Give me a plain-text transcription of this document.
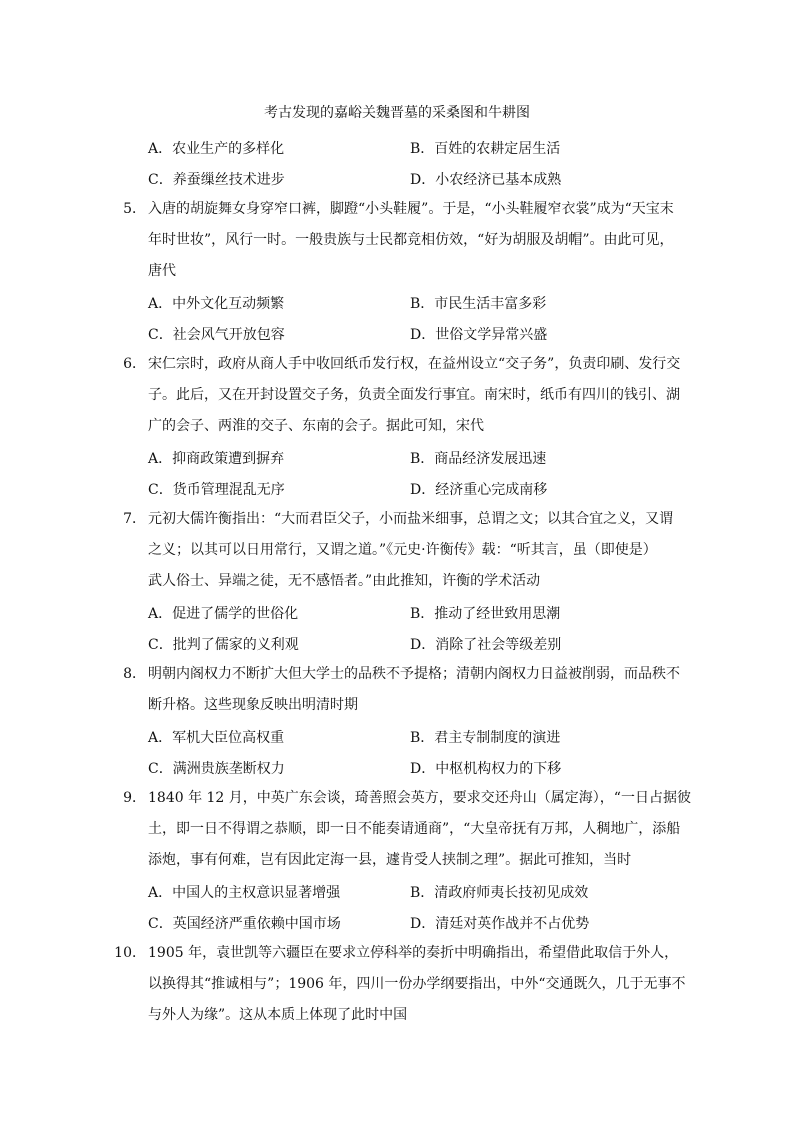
考古发现的嘉峪关魏晋墓的采桑图和牛耕图
A．农业生产的多样化	B．百姓的农耕定居生活
C．养蚕缫丝技术进步	D．小农经济已基本成熟
5． 入唐的胡旋舞女身穿窄口裤，脚蹬“小头鞋履”。于是，“小头鞋履窄衣裳”成为“天宝末
年时世妆”，风行一时。一般贵族与士民都竞相仿效，“好为胡服及胡帽”。由此可见，
唐代
A．中外文化互动频繁	B．市民生活丰富多彩
C．社会风气开放包容	D．世俗文学异常兴盛
6． 宋仁宗时，政府从商人手中收回纸币发行权，在益州设立“交子务”，负责印刷、发行交
子。此后，又在开封设置交子务，负责全面发行事宜。南宋时，纸币有四川的钱引、湖
广的会子、两淮的交子、东南的会子。据此可知，宋代
A．抑商政策遭到摒弃	B．商品经济发展迅速
C．货币管理混乱无序	D．经济重心完成南移
7． 元初大儒许衡指出：“大而君臣父子，小而盐米细事，总谓之文；以其合宜之义，又谓
之义；以其可以日用常行，又谓之道。”《元史·许衡传》载：“听其言，虽（即使是）
武人俗士、异端之徒，无不感悟者。”由此推知，许衡的学术活动
A．促进了儒学的世俗化	B．推动了经世致用思潮
C．批判了儒家的义利观	D．消除了社会等级差别
8． 明朝内阁权力不断扩大但大学士的品秩不予提格；清朝内阁权力日益被削弱，而品秩不
断升格。这些现象反映出明清时期
A．军机大臣位高权重	B．君主专制制度的演进
C．满洲贵族垄断权力	D．中枢机构权力的下移
9． 1840 年 12 月，中英广东会谈，琦善照会英方，要求交还舟山（属定海），“一日占据彼
土，即一日不得谓之恭顺，即一日不能奏请通商”，“大皇帝抚有万邦，人稠地广，添船
添炮，事有何难，岂有因此定海一县，遽肯受人挟制之理”。据此可推知，当时
A．中国人的主权意识显著增强	B．清政府师夷长技初见成效
C．英国经济严重依赖中国市场	D．清廷对英作战并不占优势
10． 1905 年，袁世凯等六疆臣在要求立停科举的奏折中明确指出，希望借此取信于外人，
以换得其“推诚相与”；1906 年，四川一份办学纲要指出，中外“交通既久，几于无事不
与外人为缘”。这从本质上体现了此时中国
